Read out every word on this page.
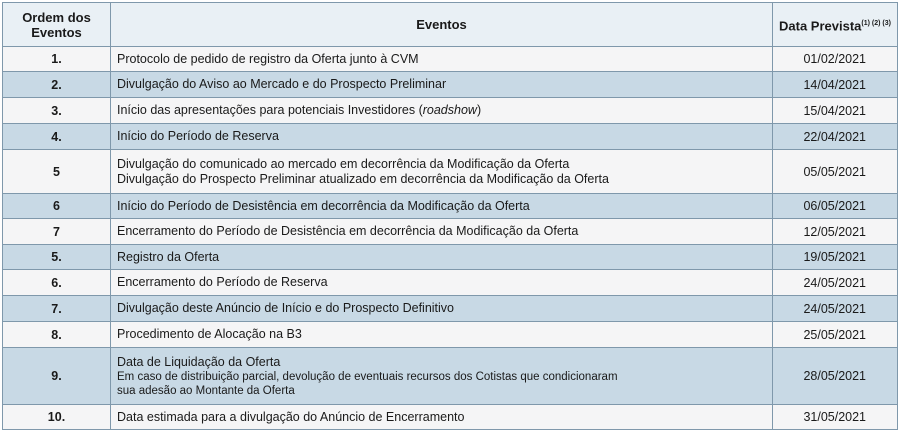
Ordem dos
Eventos	Eventos	Data Prevista$^{(1) (2) (3)}$
1.	Protocolo de pedido de registro da Oferta junto à CVM	01/02/2021
2.	Divulgação do Aviso ao Mercado e do Prospecto Preliminar	14/04/2021
3.	Início das apresentações para potenciais Investidores (roadshow)	15/04/2021
4.	Início do Período de Reserva	22/04/2021
5	Divulgação do comunicado ao mercado em decorrência da Modificação da Oferta
Divulgação do Prospecto Preliminar atualizado em decorrência da Modificação da Oferta	05/05/2021
6	Início do Período de Desistência em decorrência da Modificação da Oferta	06/05/2021
7	Encerramento do Período de Desistência em decorrência da Modificação da Oferta	12/05/2021
5.	Registro da Oferta	19/05/2021
6.	Encerramento do Período de Reserva	24/05/2021
7.	Divulgação deste Anúncio de Início e do Prospecto Definitivo	24/05/2021
8.	Procedimento de Alocação na B3	25/05/2021
9.	Data de Liquidação da Oferta
Em caso de distribuição parcial, devolução de eventuais recursos dos Cotistas que condicionaram
sua adesão ao Montante da Oferta	28/05/2021
10.	Data estimada para a divulgação do Anúncio de Encerramento	31/05/2021
